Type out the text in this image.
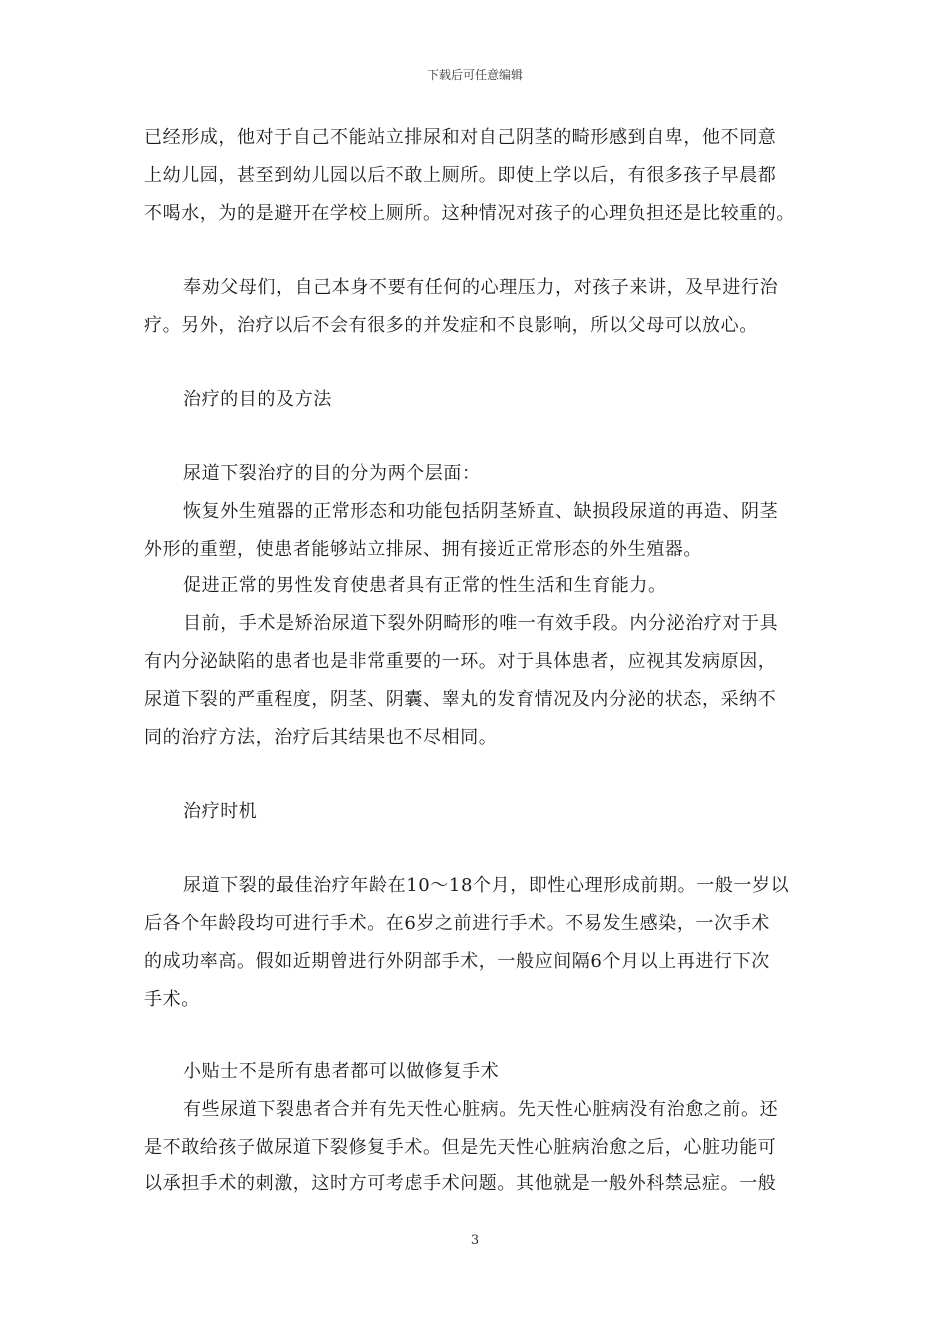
下载后可任意编辑
已经形成，他对于自己不能站立排尿和对自己阴茎的畸形感到自卑，他不同意
上幼儿园，甚至到幼儿园以后不敢上厕所。即使上学以后，有很多孩子早晨都
不喝水，为的是避开在学校上厕所。这种情况对孩子的心理负担还是比较重的。
奉劝父母们，自己本身不要有任何的心理压力，对孩子来讲，及早进行治
疗。另外，治疗以后不会有很多的并发症和不良影响，所以父母可以放心。
治疗的目的及方法
尿道下裂治疗的目的分为两个层面：
恢复外生殖器的正常形态和功能包括阴茎矫直、缺损段尿道的再造、阴茎
外形的重塑，使患者能够站立排尿、拥有接近正常形态的外生殖器。
促进正常的男性发育使患者具有正常的性生活和生育能力。
目前，手术是矫治尿道下裂外阴畸形的唯一有效手段。内分泌治疗对于具
有内分泌缺陷的患者也是非常重要的一环。对于具体患者，应视其发病原因，
尿道下裂的严重程度，阴茎、阴囊、睾丸的发育情况及内分泌的状态，采纳不
同的治疗方法，治疗后其结果也不尽相同。
治疗时机
尿道下裂的最佳治疗年龄在10～18个月，即性心理形成前期。一般一岁以
后各个年龄段均可进行手术。在6岁之前进行手术。不易发生感染，一次手术
的成功率高。假如近期曾进行外阴部手术，一般应间隔6个月以上再进行下次
手术。
小贴士不是所有患者都可以做修复手术
有些尿道下裂患者合并有先天性心脏病。先天性心脏病没有治愈之前。还
是不敢给孩子做尿道下裂修复手术。但是先天性心脏病治愈之后，心脏功能可
以承担手术的刺激，这时方可考虑手术问题。其他就是一般外科禁忌症。一般
3
